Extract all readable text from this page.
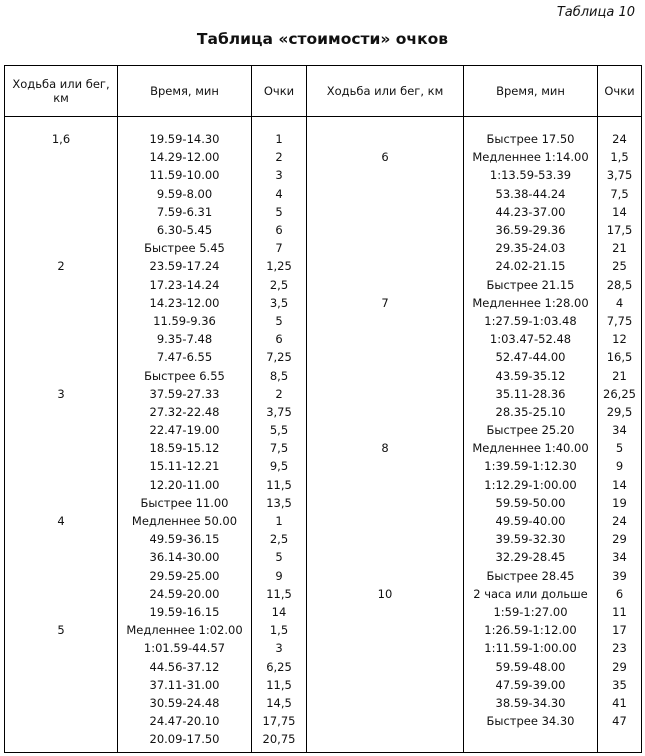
Таблица 10
Таблица «стоимости» очков
Ходьба или бег, км	Время, мин	Очки	Ходьба или бег, км	Время, мин	Очки

1,6	19.59-14.30	1		Быстрее 17.50	24
	14.29-12.00	2	6	Медленнее 1:14.00	1,5
	11.59-10.00	3		1:13.59-53.39	3,75
	9.59-8.00	4		53.38-44.24	7,5
	7.59-6.31	5		44.23-37.00	14
	6.30-5.45	6		36.59-29.36	17,5
	Быстрее 5.45	7		29.35-24.03	21
2	23.59-17.24	1,25		24.02-21.15	25
	17.23-14.24	2,5		Быстрее 21.15	28,5
	14.23-12.00	3,5	7	Медленнее 1:28.00	4
	11.59-9.36	5		1:27.59-1:03.48	7,75
	9.35-7.48	6		1:03.47-52.48	12
	7.47-6.55	7,25		52.47-44.00	16,5
	Быстрее 6.55	8,5		43.59-35.12	21
3	37.59-27.33	2		35.11-28.36	26,25
	27.32-22.48	3,75		28.35-25.10	29,5
	22.47-19.00	5,5		Быстрее 25.20	34
	18.59-15.12	7,5	8	Медленнее 1:40.00	5
	15.11-12.21	9,5		1:39.59-1:12.30	9
	12.20-11.00	11,5		1:12.29-1:00.00	14
	Быстрее 11.00	13,5		59.59-50.00	19
4	Медленнее 50.00	1		49.59-40.00	24
	49.59-36.15	2,5		39.59-32.30	29
	36.14-30.00	5		32.29-28.45	34
	29.59-25.00	9		Быстрее 28.45	39
	24.59-20.00	11,5	10	2 часа или дольше	6
	19.59-16.15	14		1:59-1:27.00	11
5	Медленнее 1:02.00	1,5		1:26.59-1:12.00	17
	1:01.59-44.57	3		1:11.59-1:00.00	23
	44.56-37.12	6,25		59.59-48.00	29
	37.11-31.00	11,5		47.59-39.00	35
	30.59-24.48	14,5		38.59-34.30	41
	24.47-20.10	17,75		Быстрее 34.30	47
	20.09-17.50	20,75			
